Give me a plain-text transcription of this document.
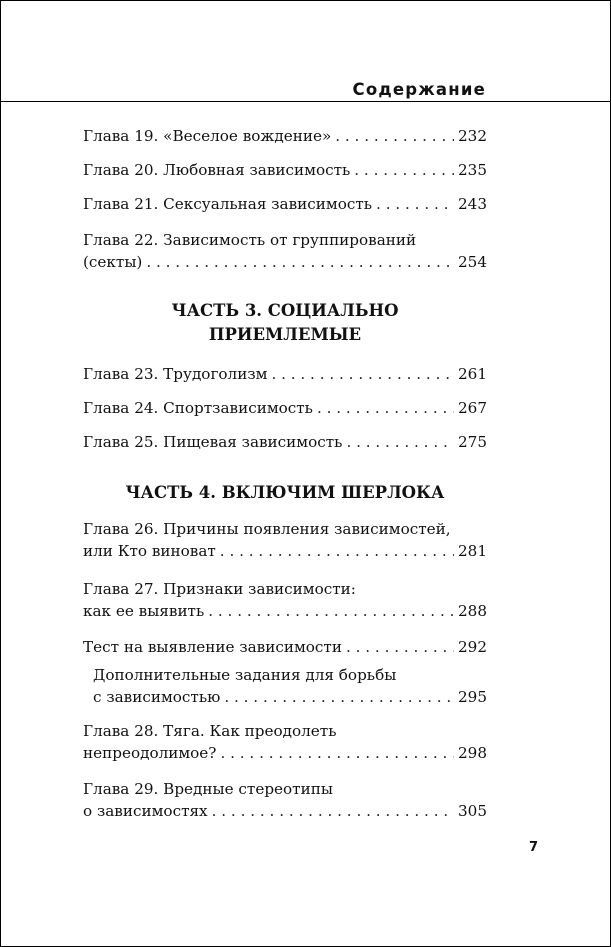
Содержание
Глава 19. «Веселое вождение» . . .	232
Глава 20. Любовная зависимость . . .	235
Глава 21. Сексуальная зависимость . . .	243
Глава 22. Зависимость от группирований
(секты) . . .	254
ЧАСТЬ 3. СОЦИАЛЬНО
ПРИЕМЛЕМЫЕ
Глава 23. Трудоголизм . . .	261
Глава 24. Спортзависимость . . .	267
Глава 25. Пищевая зависимость . . .	275
ЧАСТЬ 4. ВКЛЮЧИМ ШЕРЛОКА
Глава 26. Причины появления зависимостей,
или Кто виноват . . .	281
Глава 27. Признаки зависимости:
как ее выявить . . .	288
Тест на выявление зависимости . . .	292
Дополнительные задания для борьбы
с зависимостью . . .	295
Глава 28. Тяга. Как преодолеть
непреодолимое? . . .	298
Глава 29. Вредные стереотипы
о зависимостях . . .	305
7
